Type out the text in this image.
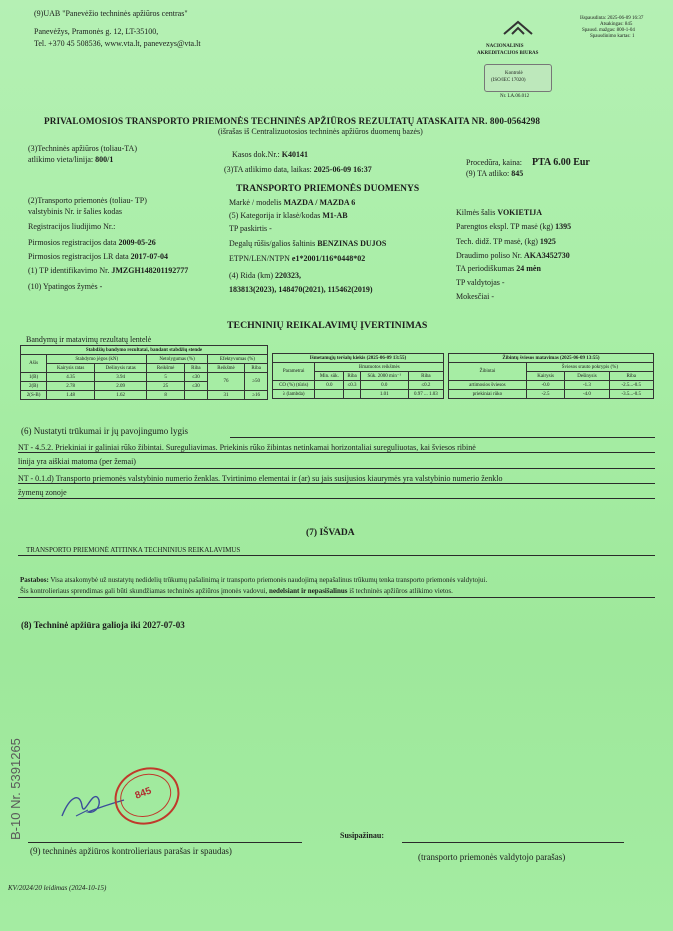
(9)UAB "Panevėžio techninės apžiūros centras"
Panevėžys, Pramonės g. 12, LT-35100,
Tel. +370 45 508536, www.vta.lt, panevezys@vta.lt	NACIONALINIS
AKREDITACIJOS BIURAS
Kontrolė
(ISO/IEC 17020)
Nr. LA.06.012
Išspausdinta: 2025-06-09 16:37
Atsakingas: 845
Spausd. mažgas: 800-1-04
Spausdinimo kartas: 1
PRIVALOMOSIOS TRANSPORTO PRIEMONĖS TECHNINĖS APŽIŪROS REZULTATŲ ATASKAITA NR. 800-0564298
(išrašas iš Centralizuotosios techninės apžiūros duomenų bazės)
(3)Techninės apžiūros (toliau-TA)
atlikimo vieta/linija: 800/1
Kasos dok.Nr.: K40141
(3)TA atlikimo data, laikas: 2025-06-09 16:37
Procedūra, kaina: PTA 6.00 Eur
(9) TA atliko: 845
TRANSPORTO PRIEMONĖS DUOMENYS
(2)Transporto priemonės (toliau- TP)
valstybinis Nr. ir šalies kodas
Registracijos liudijimo Nr.:
Pirmosios registracijos data 2009-05-26
Pirmosios registracijos LR data 2017-07-04
(1) TP identifikavimo Nr. JMZGH148201192777
(10) Ypatingos žymės -
Markė / modelis MAZDA / MAZDA 6
(5) Kategorija ir klasė/kodas M1-AB
TP paskirtis -
Degalų rūšis/galios šaltinis BENZINAS DUJOS
ETPN/LEN/NTPN e1*2001/116*0448*02
(4) Rida (km) 220323,
183813(2023), 148470(2021), 115462(2019)
Kilmės šalis VOKIETIJA
Parengtos ekspl. TP masė (kg) 1395
Tech. didž. TP masė, (kg) 1925
Draudimo poliso Nr. AKA3452730
TA periodiškumas 24 mėn
TP valdytojas -
Mokesčiai -
TECHNINIŲ REIKALAVIMŲ ĮVERTINIMAS
Bandymų ir matavimų rezultatų lentelė
Stabdžių bandymo rezultatai, bandant stabdžių stende						
Ašis	Stabdymo jėgos (kN)		Netolygumas (%)		Efektyvumas (%)	
	Kairysis ratas	Dešinysis ratas	Reikšmė	Riba	Reikšmė	Riba
1(B)	4.35	3.94	5	≤30	76	≥50
2(B)	2.78	2.09	25	≤30		
2(S-B)	1.48	1.62	8		31	≥16
Išmetamųjų teršalų kiekis (2025-06-09 13:55)				
Parametrai	Išmatuotos reikšmės			
	Min. sūk.	Riba	Sūk. 2000 min⁻¹	Riba
CO (%) (tūris)	0.0	≤0.3	0.0	≤0.2
λ (lambda)			1.01	0.97 ... 1.03
Žibintų šviesos matavimas (2025-06-09 13:55)			
Žibintai	Šviesos srauto pokrypis (%)		
	Kairysis	Dešinysis	Riba
artimosios šviesos	-0.0	-1.3	-2.5...-0.5
priekiniai rūko	-2.5	-4.0	-3.5...-0.5
(6) Nustatyti trūkumai ir jų pavojingumo lygis
NT - 4.5.2. Priekiniai ir galiniai rūko žibintai. Sureguliavimas. Priekinis rūko žibintas netinkamai horizontaliai sureguliuotas, kai šviesos ribinė
linija yra aiškiai matoma (per žemai)
NT - 0.1.d) Transporto priemonės valstybinio numerio ženklas. Tvirtinimo elementai ir (ar) su jais susijusios kiaurymės yra valstybinio numerio ženklo
žymenų zonoje
(7) IŠVADA
TRANSPORTO PRIEMONĖ ATITINKA TECHNINIUS REIKALAVIMUS
Pastabos: Visa atsakomybė už nustatytų nedidelių trūkumų pašalinimą ir transporto priemonės naudojimą nepašalinus trūkumų tenka transporto priemonės valdytojui.
Šis kontrolieriaus sprendimas gali būti skundžiamas techninės apžiūros įmonės vadovui, nedelsiant ir nepasišalinus iš techninės apžiūros atlikimo vietos.
(8) Techninė apžiūra galioja iki 2027-07-03
B-10 Nr. 5391265	845
Susipažinau:
(9) techninės apžiūros kontrolieriaus parašas ir spaudas)
(transporto priemonės valdytojo parašas)
KV/2024/20 leidimas (2024-10-15)
